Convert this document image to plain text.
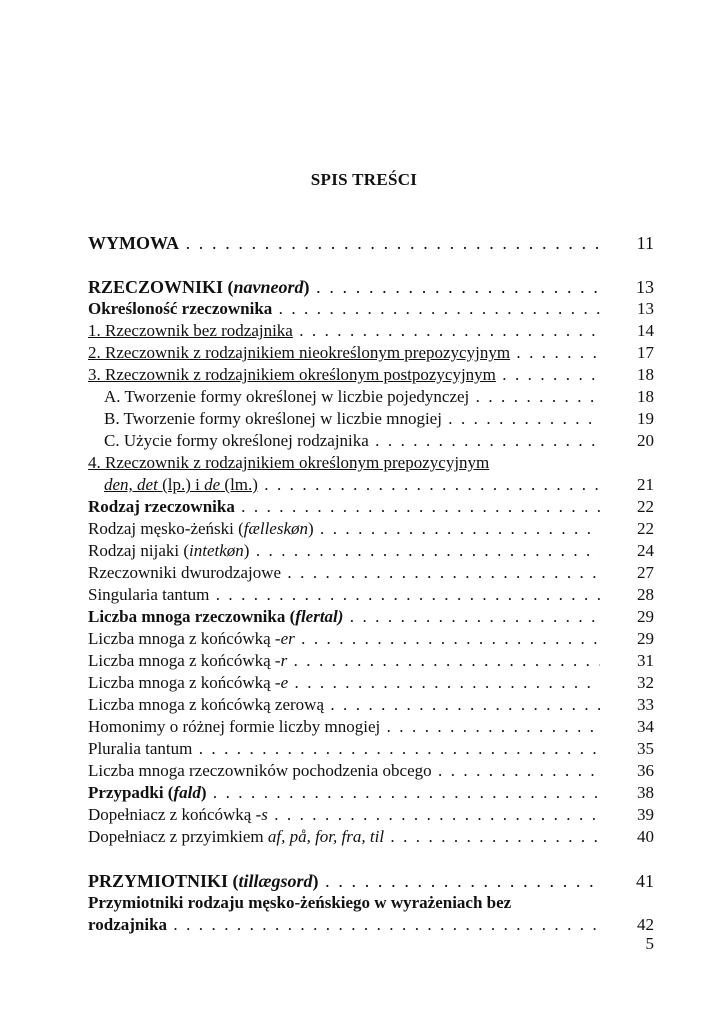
SPIS TREŚCI
WYMOWA . . .	11
RZECZOWNIKI (navneord) . . .	13
Określoność rzeczownika . . .	13
1. Rzeczownik bez rodzajnika . . .	14
2. Rzeczownik z rodzajnikiem nieokreślonym prepozycyjnym . . .	17
3. Rzeczownik z rodzajnikiem określonym postpozycyjnym . . .	18
A. Tworzenie formy określonej w liczbie pojedynczej . . .	18
B. Tworzenie formy określonej w liczbie mnogiej . . .	19
C. Użycie formy określonej rodzajnika . . .	20
4. Rzeczownik z rodzajnikiem określonym prepozycyjnym
den, det (lp.) i de (lm.) . . .	21
Rodzaj rzeczownika . . .	22
Rodzaj męsko-żeński (fælleskøn) . . .	22
Rodzaj nijaki (intetkøn) . . .	24
Rzeczowniki dwurodzajowe . . .	27
Singularia tantum . . .	28
Liczba mnoga rzeczownika (flertal) . . .	29
Liczba mnoga z końcówką -er . . .	29
Liczba mnoga z końcówką -r . . .	31
Liczba mnoga z końcówką -e . . .	32
Liczba mnoga z końcówką zerową . . .	33
Homonimy o różnej formie liczby mnogiej . . .	34
Pluralia tantum . . .	35
Liczba mnoga rzeczowników pochodzenia obcego . . .	36
Przypadki (fald) . . .	38
Dopełniacz z końcówką -s . . .	39
Dopełniacz z przyimkiem af, på, for, fra, til . . .	40
PRZYMIOTNIKI (tillægsord) . . .	41
Przymiotniki rodzaju męsko-żeńskiego w wyrażeniach bez
rodzajnika . . .	42
5
